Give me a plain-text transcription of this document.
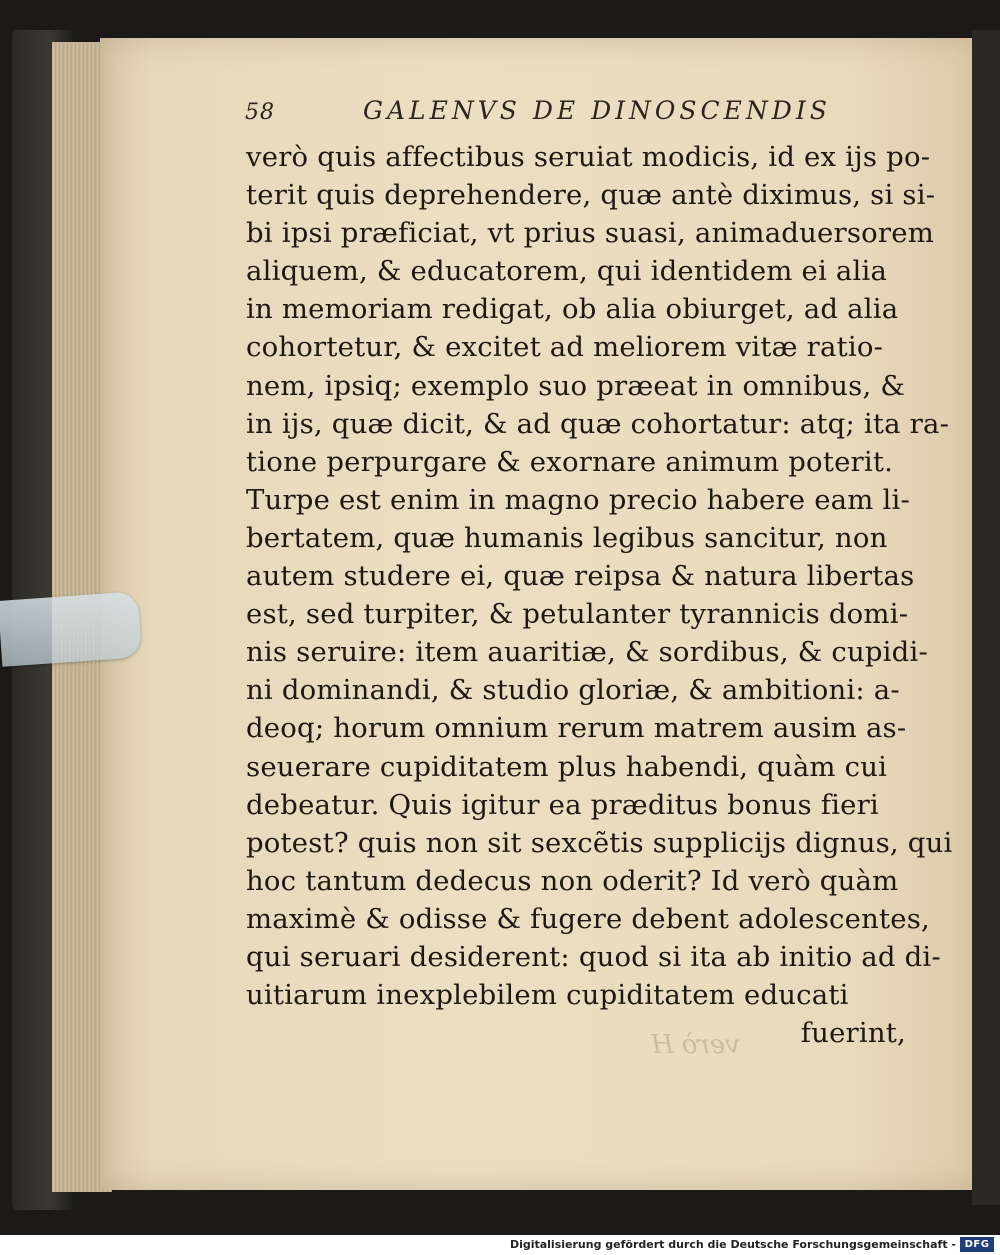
58	GALENVS DE DINOSCENDIS
verò quis affectibus seruiat modicis, id ex ijs po-
terit quis deprehendere, quæ antè diximus, si si-
bi ipsi præficiat, vt prius suasi, animaduersorem
aliquem, & educatorem, qui identidem ei alia
in memoriam redigat, ob alia obiurget, ad alia
cohortetur, & excitet ad meliorem vitæ ratio-
nem, ipsiq; exemplo suo præeat in omnibus, &
in ijs, quæ dicit, & ad quæ cohortatur: atq; ita ra-
tione perpurgare & exornare animum poterit.
Turpe est enim in magno precio habere eam li-
bertatem, quæ humanis legibus sancitur, non
autem studere ei, quæ reipsa & natura libertas
est, sed turpiter, & petulanter tyrannicis domi-
nis seruire: item auaritiæ, & sordibus, & cupidi-
ni dominandi, & studio gloriæ, & ambitioni: a-
deoq; horum omnium rerum matrem ausim as-
seuerare cupiditatem plus habendi, quàm cui
debeatur. Quis igitur ea præditus bonus fieri
potest? quis non sit sexcẽtis supplicijs dignus, qui
hoc tantum dedecus non oderit? Id verò quàm
maximè & odisse & fugere debent adolescentes,
qui seruari desiderent: quod si ita ab initio ad di-
uitiarum inexplebilem cupiditatem educati
fuerint,
verò H
Digitalisierung gefördert durch die Deutsche Forschungsgemeinschaft - DFG
